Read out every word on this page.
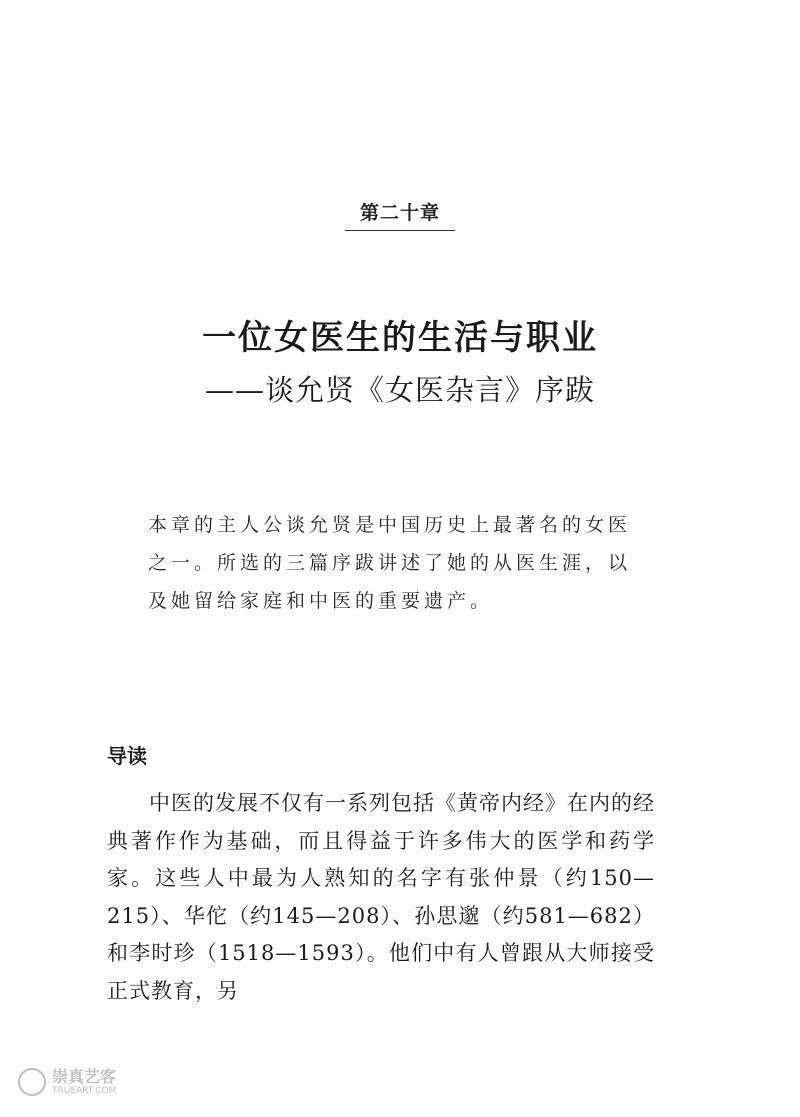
第二十章
一位女医生的生活与职业
——谈允贤《女医杂言》序跋

本章的主人公谈允贤是中国历史上最著名的女医之一。所选的三篇序跋讲述了她的从医生涯，以及她留给家庭和中医的重要遗产。

导读

中医的发展不仅有一系列包括《黄帝内经》在内的经典著作作为基础，而且得益于许多伟大的医学和药学家。这些人中最为人熟知的名字有张仲景（约150—215）、华佗（约145—208）、孙思邈（约581—682）和李时珍（1518—1593）。他们中有人曾跟从大师接受正式教育，另

崇真艺客
TRUEART.COM
